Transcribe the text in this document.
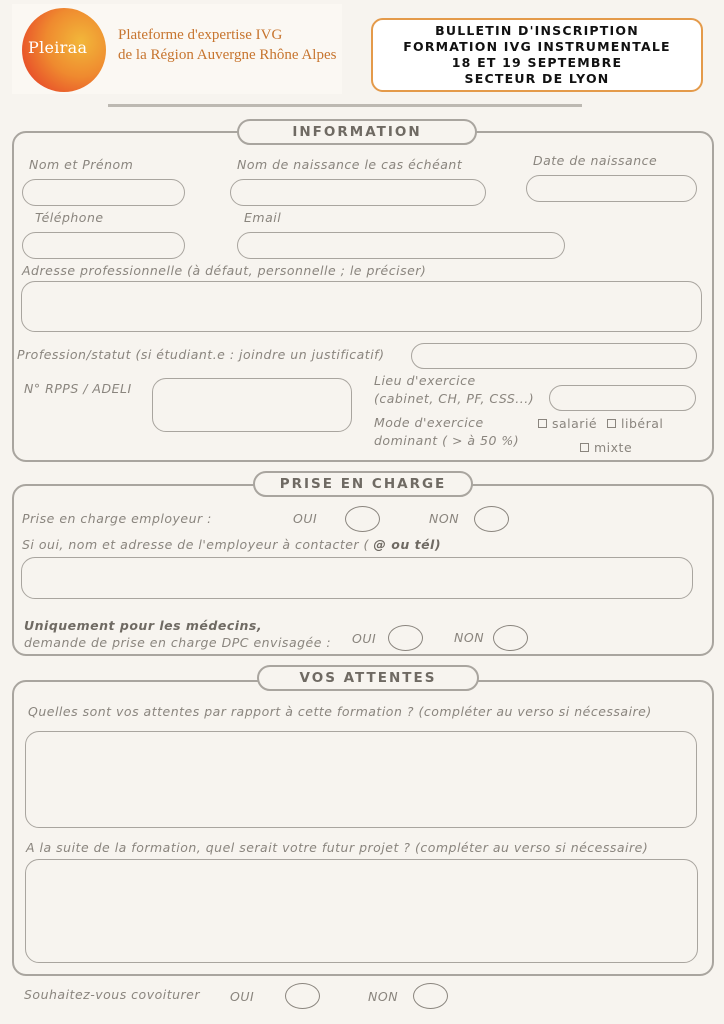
Pleiraa
Plateforme d'expertise IVG
de la Région Auvergne Rhône Alpes
BULLETIN D'INSCRIPTION
FORMATION IVG INSTRUMENTALE
18 ET 19 SEPTEMBRE
SECTEUR DE LYON
INFORMATION
Nom et Prénom	Nom de naissance le cas échéant	Date de naissance
Téléphone	Email
Adresse professionnelle (à défaut, personnelle ; le préciser)
Profession/statut (si étudiant.e : joindre un justificatif)
N° RPPS / ADELI
Lieu d'exercice
(cabinet, CH, PF, CSS...)
Mode d'exercice
dominant ( > à 50 %)
salarié	libéral
mixte
PRISE EN CHARGE
Prise en charge employeur :	OUI	NON
Si oui, nom et adresse de l'employeur à contacter ( @ ou tél)
Uniquement pour les médecins,
demande de prise en charge DPC envisagée : OUI	NON
VOS ATTENTES
Quelles sont vos attentes par rapport à cette formation ? (compléter au verso si nécessaire)
A la suite de la formation, quel serait votre futur projet ? (compléter au verso si nécessaire)
Souhaitez-vous covoiturer OUI	NON
